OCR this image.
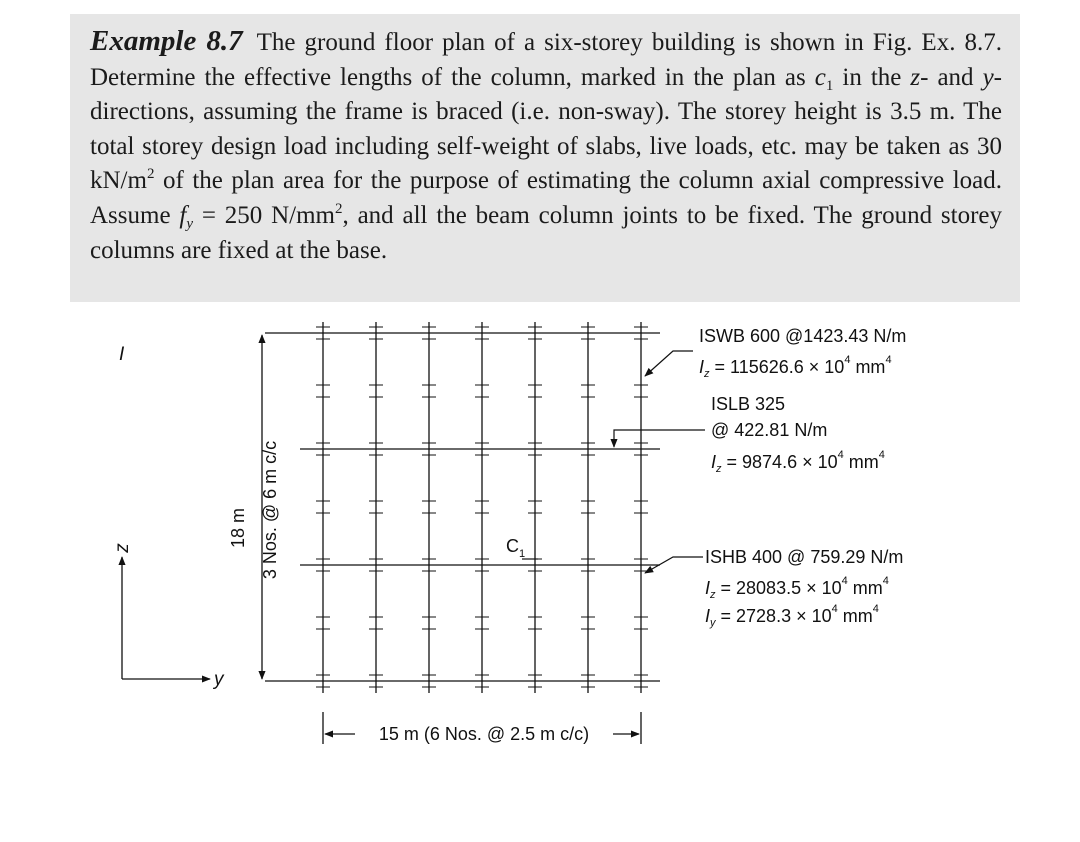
Example 8.7 The ground floor plan of a six-storey building is shown in Fig. Ex. 8.7. Determine the effective lengths of the column, marked in the plan as $c_1$ in the z- and y-directions, assuming the frame is braced (i.e. non-sway). The storey height is 3.5 m. The total storey design load including self-weight of slabs, live loads, etc. may be taken as 30 $kN/m^2$ of the plan area for the purpose of estimating the column axial compressive load. Assume $f_y = 250$ $N/mm^2$, and all the beam column joints to be fixed. The ground storey columns are fixed at the base.

18 m 3 Nos. @ 6 m c/c
15 m (6 Nos. @ 2.5 m c/c)
z
y
I
C 1
ISWB 600 @1423.43 N/m
$I_z = 115626.6 \times 10^4$ $mm^4$
ISLB 325
@ 422.81 N/m
$I_z = 9874.6 \times 10^4$ $mm^4$
ISHB 400 @ 759.29 N/m
$I_z = 28083.5 \times 10^4$ $mm^4$
$I_y = 2728.3 \times 10^4$ $mm^4$
